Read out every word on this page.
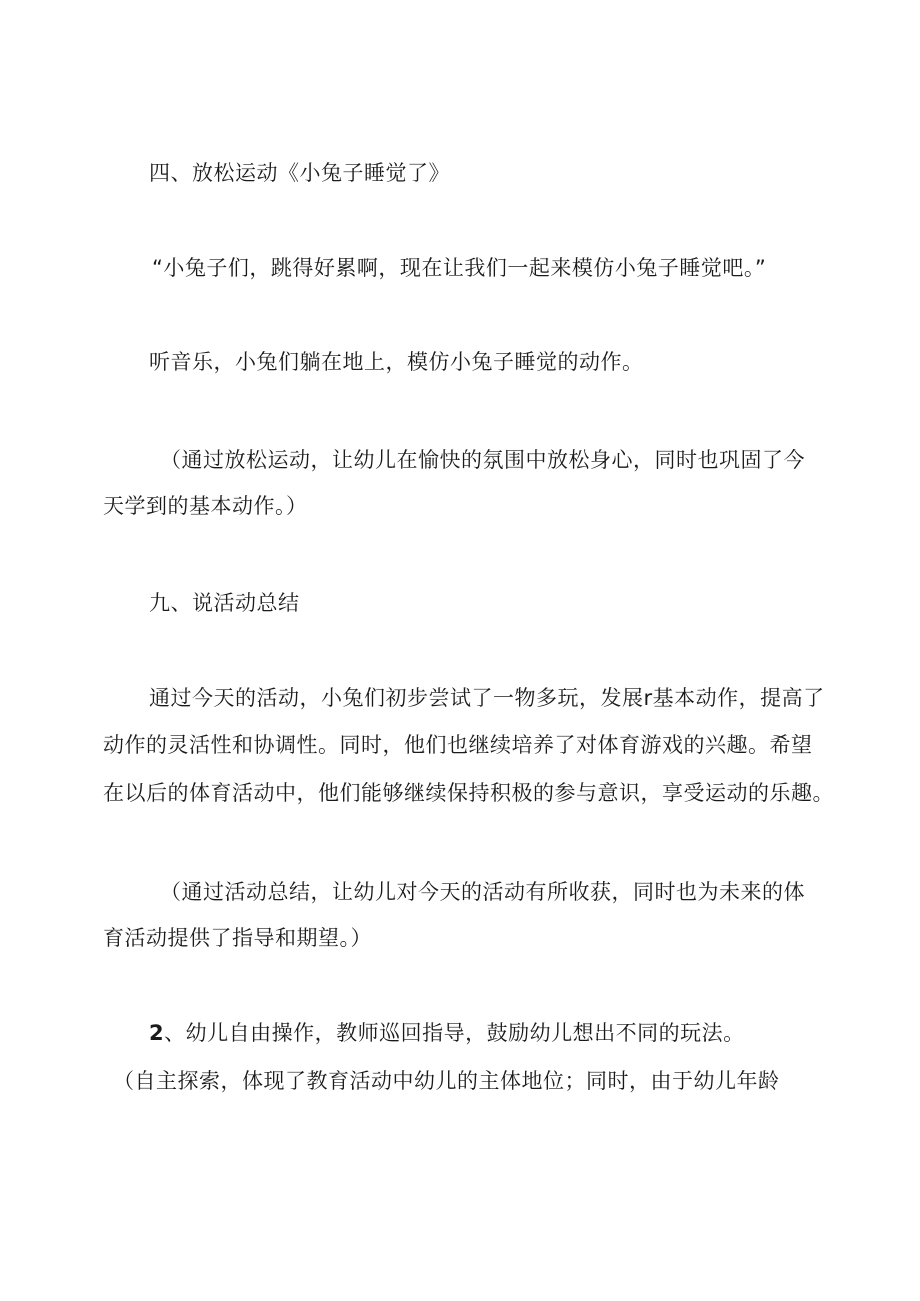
四、放松运动《小兔子睡觉了》
“小兔子们，跳得好累啊，现在让我们一起来模仿小兔子睡觉吧。”
听音乐，小兔们躺在地上，模仿小兔子睡觉的动作。
（通过放松运动，让幼儿在愉快的氛围中放松身心，同时也巩固了今
天学到的基本动作。）
九、说活动总结
通过今天的活动，小兔们初步尝试了一物多玩，发展r基本动作，提高了
动作的灵活性和协调性。同时，他们也继续培养了对体育游戏的兴趣。希望
在以后的体育活动中，他们能够继续保持积极的参与意识，享受运动的乐趣。
（通过活动总结，让幼儿对今天的活动有所收获，同时也为未来的体
育活动提供了指导和期望。）
2、幼儿自由操作，教师巡回指导，鼓励幼儿想出不同的玩法。
（自主探索，体现了教育活动中幼儿的主体地位；同时，由于幼儿年龄
